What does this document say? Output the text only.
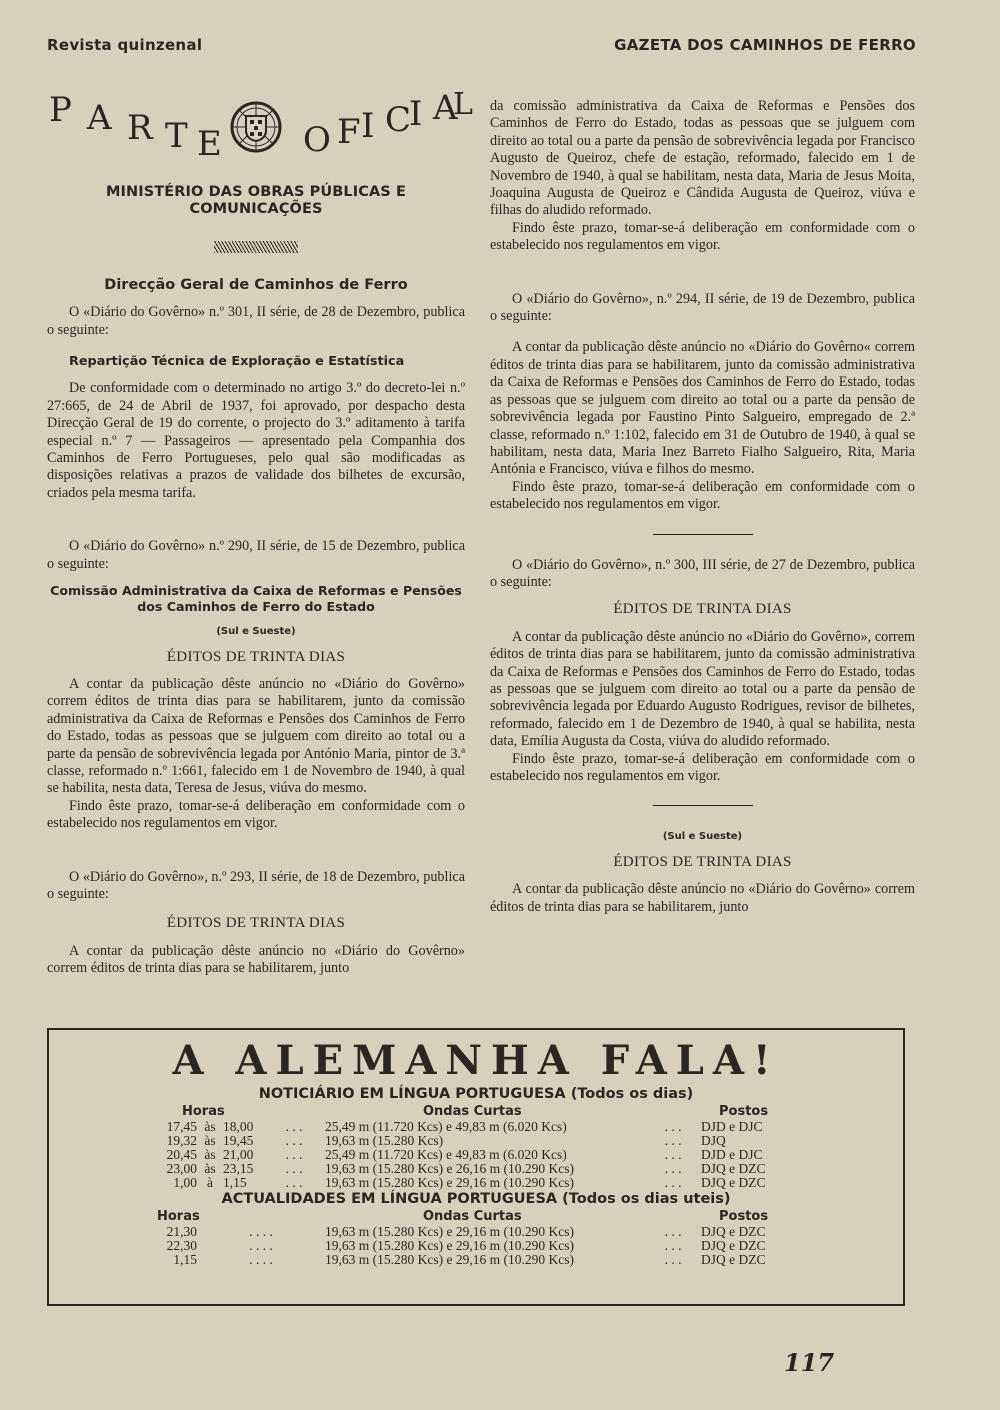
Revista quinzenal	GAZETA DOS CAMINHOS DE FERRO
P A R T E O F I C
I A
L
MINISTÉRIO DAS OBRAS PÚBLICAS E COMUNICAÇÕES
Direcção Geral de Caminhos de Ferro

O «Diário do Govêrno» n.º 301, II série, de 28 de Dezembro, publica o seguinte:

Repartição Técnica de Exploração e Estatística

De conformidade com o determinado no artigo 3.º do decreto-lei n.º 27:665, de 24 de Abril de 1937, foi aprovado, por despacho desta Direcção Geral de 19 do corrente, o projecto do 3.º aditamento à tarifa especial n.º 7 — Passageiros — apresentado pela Companhia dos Caminhos de Ferro Portugueses, pelo qual são modificadas as disposições relativas a prazos de validade dos bilhetes de excursão, criados pela mesma tarifa.

O «Diário do Govêrno» n.º 290, II série, de 15 de Dezembro, publica o seguinte:

Comissão Administrativa da Caixa de Reformas e Pensões dos Caminhos de Ferro do Estado
(Sul e Sueste)
ÉDITOS DE TRINTA DIAS

A contar da publicação dêste anúncio no «Diário do Govêrno» correm éditos de trinta dias para se habilitarem, junto da comissão administrativa da Caixa de Reformas e Pensões dos Caminhos de Ferro do Estado, todas as pessoas que se julguem com direito ao total ou a parte da pensão de sobrevivência legada por António Maria, pintor de 3.ª classe, reformado n.º 1:661, falecido em 1 de Novembro de 1940, à qual se habilita, nesta data, Teresa de Jesus, viúva do mesmo.

Findo êste prazo, tomar-se-á deliberação em conformidade com o estabelecido nos regulamentos em vigor.

O «Diário do Govêrno», n.º 293, II série, de 18 de Dezembro, publica o seguinte:

ÉDITOS DE TRINTA DIAS

A contar da publicação dêste anúncio no «Diário do Govêrno» correm éditos de trinta dias para se habilitarem, junto

da comissão administrativa da Caixa de Reformas e Pensões dos Caminhos de Ferro do Estado, todas as pessoas que se julguem com direito ao total ou a parte da pensão de sobrevivência legada por Francisco Augusto de Queiroz, chefe de estação, reformado, falecido em 1 de Novembro de 1940, à qual se habilitam, nesta data, Maria de Jesus Moita, Joaquina Augusta de Queiroz e Cândida Augusta de Queiroz, viúva e filhas do aludido reformado.

Findo êste prazo, tomar-se-á deliberação em conformidade com o estabelecido nos regulamentos em vigor.

O «Diário do Govêrno», n.º 294, II série, de 19 de Dezembro, publica o seguinte:

A contar da publicação dêste anúncio no «Diário do Govêrno« correm éditos de trinta dias para se habilitarem, junto da comissão administrativa da Caixa de Reformas e Pensões dos Caminhos de Ferro do Estado, todas as pessoas que se julguem com direito ao total ou a parte da pensão de sobrevivência legada por Faustino Pinto Salgueiro, empregado de 2.ª classe, reformado n.º 1:102, falecido em 31 de Outubro de 1940, à qual se habilitam, nesta data, Maria Inez Barreto Fialho Salgueiro, Rita, Maria Antónia e Francisco, viúva e filhos do mesmo.

Findo êste prazo, tomar-se-á deliberação em conformidade com o estabelecido nos regulamentos em vigor.

O «Diário do Govêrno», n.º 300, III série, de 27 de Dezembro, publica o seguinte:

ÉDITOS DE TRINTA DIAS

A contar da publicação dêste anúncio no «Diário do Govêrno», correm éditos de trinta dias para se habilitarem, junto da comissão administrativa da Caixa de Reformas e Pensões dos Caminhos de Ferro do Estado, todas as pessoas que se julguem com direito ao total ou a parte da pensão de sobrevivência legada por Eduardo Augusto Rodrigues, revisor de bilhetes, reformado, falecido em 1 de Dezembro de 1940, à qual se habilita, nesta data, Emília Augusta da Costa, viúva do aludido reformado.

Findo êste prazo, tomar-se-á deliberação em conformidade com o estabelecido nos regulamentos em vigor.

(Sul e Sueste)
ÉDITOS DE TRINTA DIAS

A contar da publicação dêste anúncio no «Diário do Govêrno» correm éditos de trinta dias para se habilitarem, junto

A ALEMANHA FALA!
NOTICIÁRIO EM LÍNGUA PORTUGUESA (Todos os dias)
Horas	Ondas Curtas	Postos
17,45	às	18,00	. . .	25,49 m (11.720 Kcs) e 49,83 m (6.020 Kcs)	. . .	DJD e DJC
19,32	às	19,45	. . .	19,63 m (15.280 Kcs)	. . .	DJQ
20,45	às	21,00	. . .	25,49 m (11.720 Kcs) e 49,83 m (6.020 Kcs)	. . .	DJD e DJC
23,00	às	23,15	. . .	19,63 m (15.280 Kcs) e 26,16 m (10.290 Kcs)	. . .	DJQ e DZC
1,00	à	1,15	. . .	19,63 m (15.280 Kcs) e 29,16 m (10.290 Kcs)	. . .	DJQ e DZC
ACTUALIDADES EM LÍNGUA PORTUGUESA (Todos os dias uteis)
Horas	Ondas Curtas	Postos
21,30	. . . .	19,63 m (15.280 Kcs) e 29,16 m (10.290 Kcs)	. . .	DJQ e DZC
22,30	. . . .	19,63 m (15.280 Kcs) e 29,16 m (10.290 Kcs)	. . .	DJQ e DZC
1,15	. . . .	19,63 m (15.280 Kcs) e 29,16 m (10.290 Kcs)	. . .	DJQ e DZC
117
